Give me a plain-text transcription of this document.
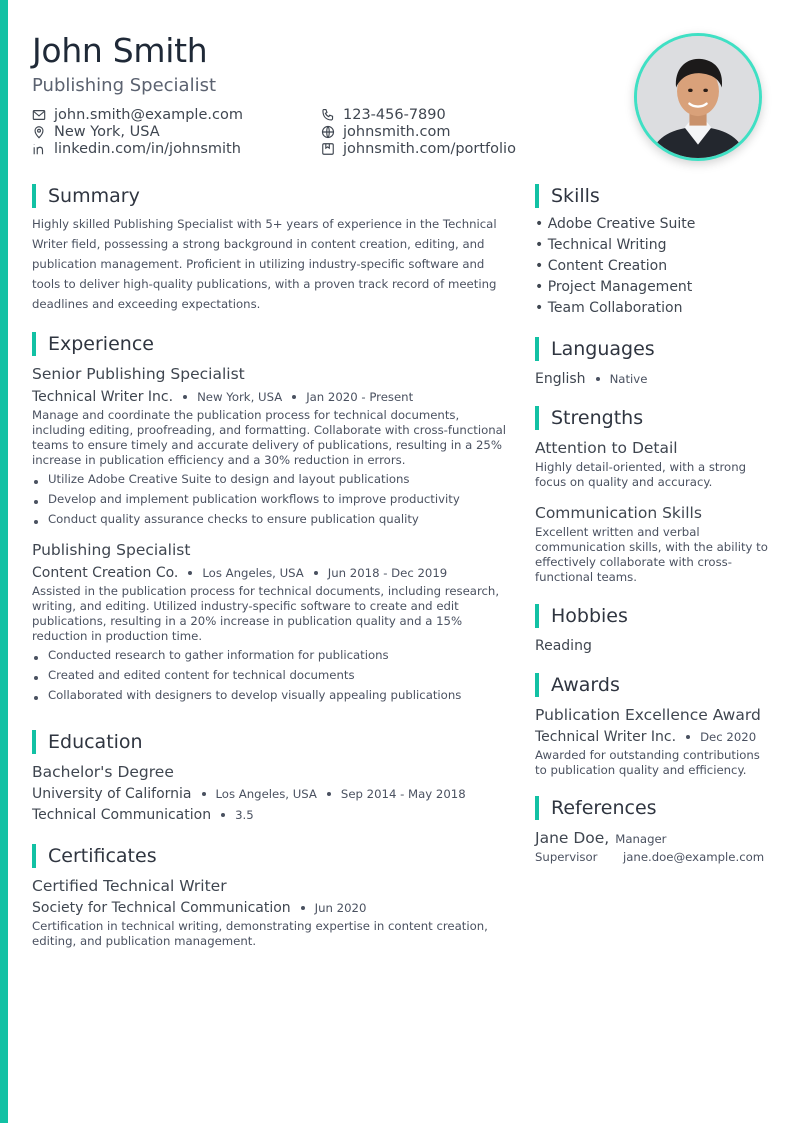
John Smith
Publishing Specialist
john.smith@example.com	123-456-7890
New York, USA	johnsmith.com
linkedin.com/in/johnsmith	johnsmith.com/portfolio
Summary
Highly skilled Publishing Specialist with 5+ years of experience in the Technical Writer field, possessing a strong background in content creation, editing, and publication management. Proficient in utilizing industry-specific software and tools to deliver high-quality publications, with a proven track record of meeting deadlines and exceeding expectations.
Experience
Senior Publishing Specialist
Technical Writer Inc. New York, USA Jan 2020 - Present
Manage and coordinate the publication process for technical documents, including editing, proofreading, and formatting. Collaborate with cross-functional teams to ensure timely and accurate delivery of publications, resulting in a 25% increase in publication efficiency and a 30% reduction in errors.
Utilize Adobe Creative Suite to design and layout publications
Develop and implement publication workflows to improve productivity
Conduct quality assurance checks to ensure publication quality
Publishing Specialist
Content Creation Co. Los Angeles, USA Jun 2018 - Dec 2019
Assisted in the publication process for technical documents, including research, writing, and editing. Utilized industry-specific software to create and edit publications, resulting in a 20% increase in publication quality and a 15% reduction in production time.
Conducted research to gather information for publications
Created and edited content for technical documents
Collaborated with designers to develop visually appealing publications
Education
Bachelor's Degree
University of California Los Angeles, USA Sep 2014 - May 2018
Technical Communication 3.5
Certificates
Certified Technical Writer
Society for Technical Communication Jun 2020
Certification in technical writing, demonstrating expertise in content creation, editing, and publication management.
Skills
• Adobe Creative Suite
• Technical Writing
• Content Creation
• Project Management
• Team Collaboration
Languages
English Native
Strengths
Attention to Detail
Highly detail-oriented, with a strong focus on quality and accuracy.
Communication Skills
Excellent written and verbal communication skills, with the ability to effectively collaborate with cross-functional teams.
Hobbies
Reading
Awards
Publication Excellence Award
Technical Writer Inc. Dec 2020
Awarded for outstanding contributions to publication quality and efficiency.
References
Jane Doe, Manager
Supervisor	jane.doe@example.com
